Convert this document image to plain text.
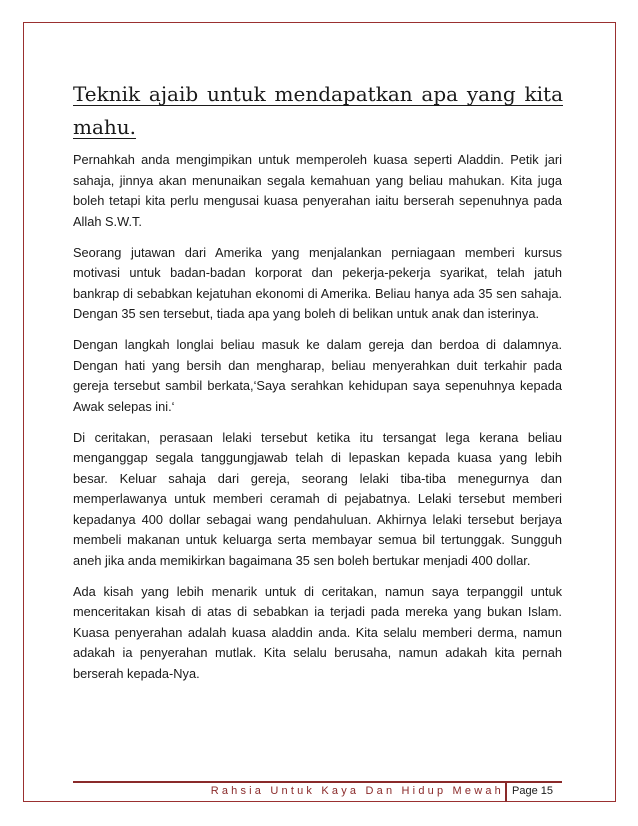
Teknik ajaib untuk mendapatkan apa yang kita mahu.

Pernahkah anda mengimpikan untuk memperoleh kuasa seperti Aladdin. Petik jari sahaja, jinnya akan menunaikan segala kemahuan yang beliau mahukan. Kita juga boleh tetapi kita perlu mengusai kuasa penyerahan iaitu berserah sepenuhnya pada Allah S.W.T.

Seorang jutawan dari Amerika yang menjalankan perniagaan memberi kursus motivasi untuk badan-badan korporat dan pekerja-pekerja syarikat, telah jatuh bankrap di sebabkan kejatuhan ekonomi di Amerika. Beliau hanya ada 35 sen sahaja. Dengan 35 sen tersebut, tiada apa yang boleh di belikan untuk anak dan isterinya.

Dengan langkah longlai beliau masuk ke dalam gereja dan berdoa di dalamnya. Dengan hati yang bersih dan mengharap, beliau menyerahkan duit terkahir pada gereja tersebut sambil berkata,‘Saya serahkan kehidupan saya sepenuhnya kepada Awak selepas ini.‘

Di ceritakan, perasaan lelaki tersebut ketika itu tersangat lega kerana beliau menganggap segala tanggungjawab telah di lepaskan kepada kuasa yang lebih besar. Keluar sahaja dari gereja, seorang lelaki tiba-tiba menegurnya dan memperlawanya untuk memberi ceramah di pejabatnya. Lelaki tersebut memberi kepadanya 400 dollar sebagai wang pendahuluan. Akhirnya lelaki tersebut berjaya membeli makanan untuk keluarga serta membayar semua bil tertunggak. Sungguh aneh jika anda memikirkan bagaimana 35 sen boleh bertukar menjadi 400 dollar.

Ada kisah yang lebih menarik untuk di ceritakan, namun saya terpanggil untuk menceritakan kisah di atas di sebabkan ia terjadi pada mereka yang bukan Islam. Kuasa penyerahan adalah kuasa aladdin anda. Kita selalu memberi derma, namun adakah ia penyerahan mutlak. Kita selalu berusaha, namun adakah kita pernah berserah kepada-Nya.

Rahsia Untuk Kaya Dan Hidup Mewah Page 15
